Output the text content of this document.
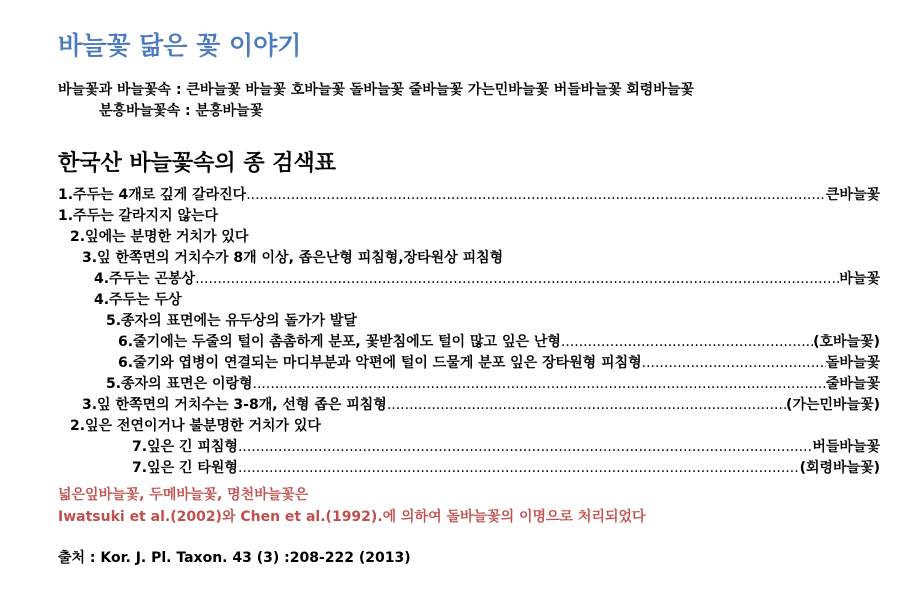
바늘꽃 닮은 꽃 이야기
바늘꽃과 바늘꽃속 : 큰바늘꽃 바늘꽃 호바늘꽃 돌바늘꽃 줄바늘꽃 가는민바늘꽃 버들바늘꽃 회령바늘꽃
분홍바늘꽃속 : 분홍바늘꽃
한국산 바늘꽃속의 종 검색표
1.주두는 4개로 깊게 갈라진다 .....	큰바늘꽃
1.주두는 갈라지지 않는다
2.잎에는 분명한 거치가 있다
3.잎 한쪽면의 거치수가 8개 이상, 좁은난형 피침형,장타원상 피침형
4.주두는 곤봉상 .....	바늘꽃
4.주두는 두상
5.종자의 표면에는 유두상의 돌가가 발달
6.줄기에는 두줄의 털이 촘촘하게 분포, 꽃받침에도 털이 많고 잎은 난형 .....	(호바늘꽃)
6.줄기와 엽병이 연결되는 마디부분과 악편에 털이 드물게 분포 잎은 장타원형 피침형 .....	돌바늘꽃
5.종자의 표면은 이랑형 .....	줄바늘꽃
3.잎 한쪽면의 거치수는 3-8개, 선형 좁은 피침형 .....	(가는민바늘꽃)
2.잎은 전연이거나 불분명한 거치가 있다
7.잎은 긴 피침형 .....	버들바늘꽃
7.잎은 긴 타원형 .....	(회령바늘꽃)
넓은잎바늘꽃, 두메바늘꽃, 명천바늘꽃은
Iwatsuki et al.(2002)와 Chen et al.(1992).에 의하여 돌바늘꽃의 이명으로 처리되었다
출처 : Kor. J. Pl. Taxon. 43 (3) :208-222 (2013)
